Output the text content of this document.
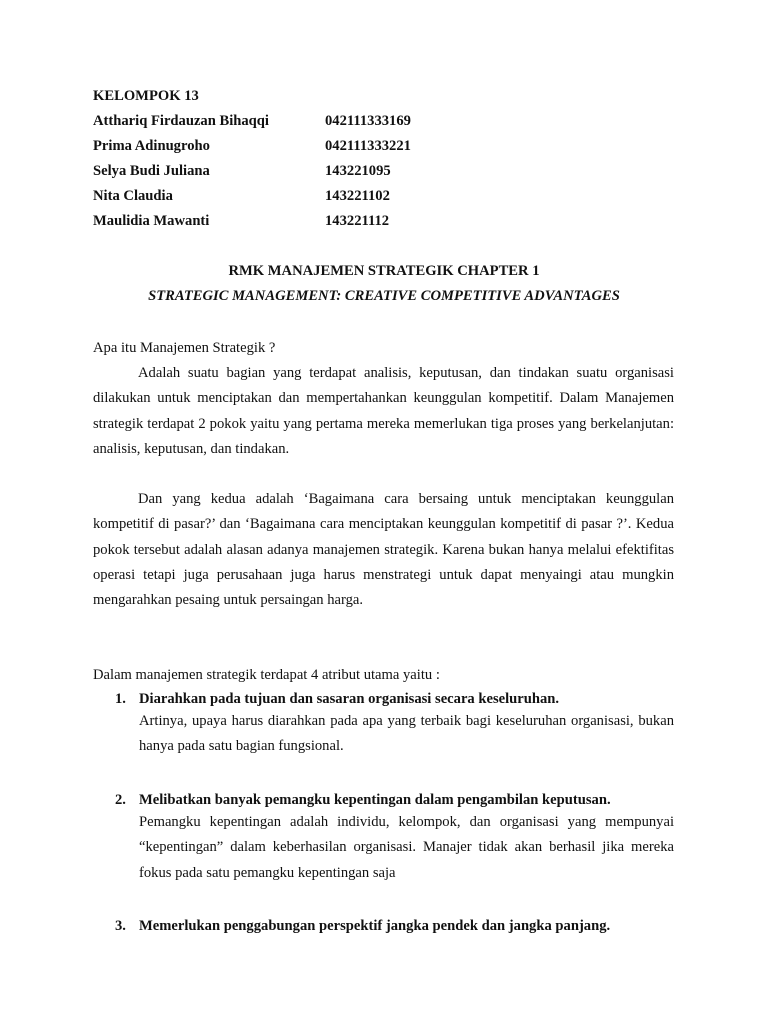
KELOMPOK 13
Atthariq Firdauzan Bihaqqi	042111333169
Prima Adinugroho	042111333221
Selya Budi Juliana	143221095
Nita Claudia	143221102
Maulidia Mawanti	143221112
RMK MANAJEMEN STRATEGIK CHAPTER 1
STRATEGIC MANAGEMENT: CREATIVE COMPETITIVE ADVANTAGES
Apa itu Manajemen Strategik ?
Adalah suatu bagian yang terdapat analisis, keputusan, dan tindakan suatu organisasi dilakukan untuk menciptakan dan mempertahankan keunggulan kompetitif. Dalam Manajemen strategik terdapat 2 pokok yaitu yang pertama mereka memerlukan tiga proses yang berkelanjutan: analisis, keputusan, dan tindakan.
Dan yang kedua adalah ‘Bagaimana cara bersaing untuk menciptakan keunggulan kompetitif di pasar?’ dan ‘Bagaimana cara menciptakan keunggulan kompetitif di pasar ?’. Kedua pokok tersebut adalah alasan adanya manajemen strategik. Karena bukan hanya melalui efektifitas operasi tetapi juga perusahaan juga harus menstrategi untuk dapat menyaingi atau mungkin mengarahkan pesaing untuk persaingan harga.
Dalam manajemen strategik terdapat 4 atribut utama yaitu :
1. Diarahkan pada tujuan dan sasaran organisasi secara keseluruhan.
Artinya, upaya harus diarahkan pada apa yang terbaik bagi keseluruhan organisasi, bukan hanya pada satu bagian fungsional.
2. Melibatkan banyak pemangku kepentingan dalam pengambilan keputusan.
Pemangku kepentingan adalah individu, kelompok, dan organisasi yang mempunyai “kepentingan” dalam keberhasilan organisasi. Manajer tidak akan berhasil jika mereka fokus pada satu pemangku kepentingan saja
3. Memerlukan penggabungan perspektif jangka pendek dan jangka panjang.
